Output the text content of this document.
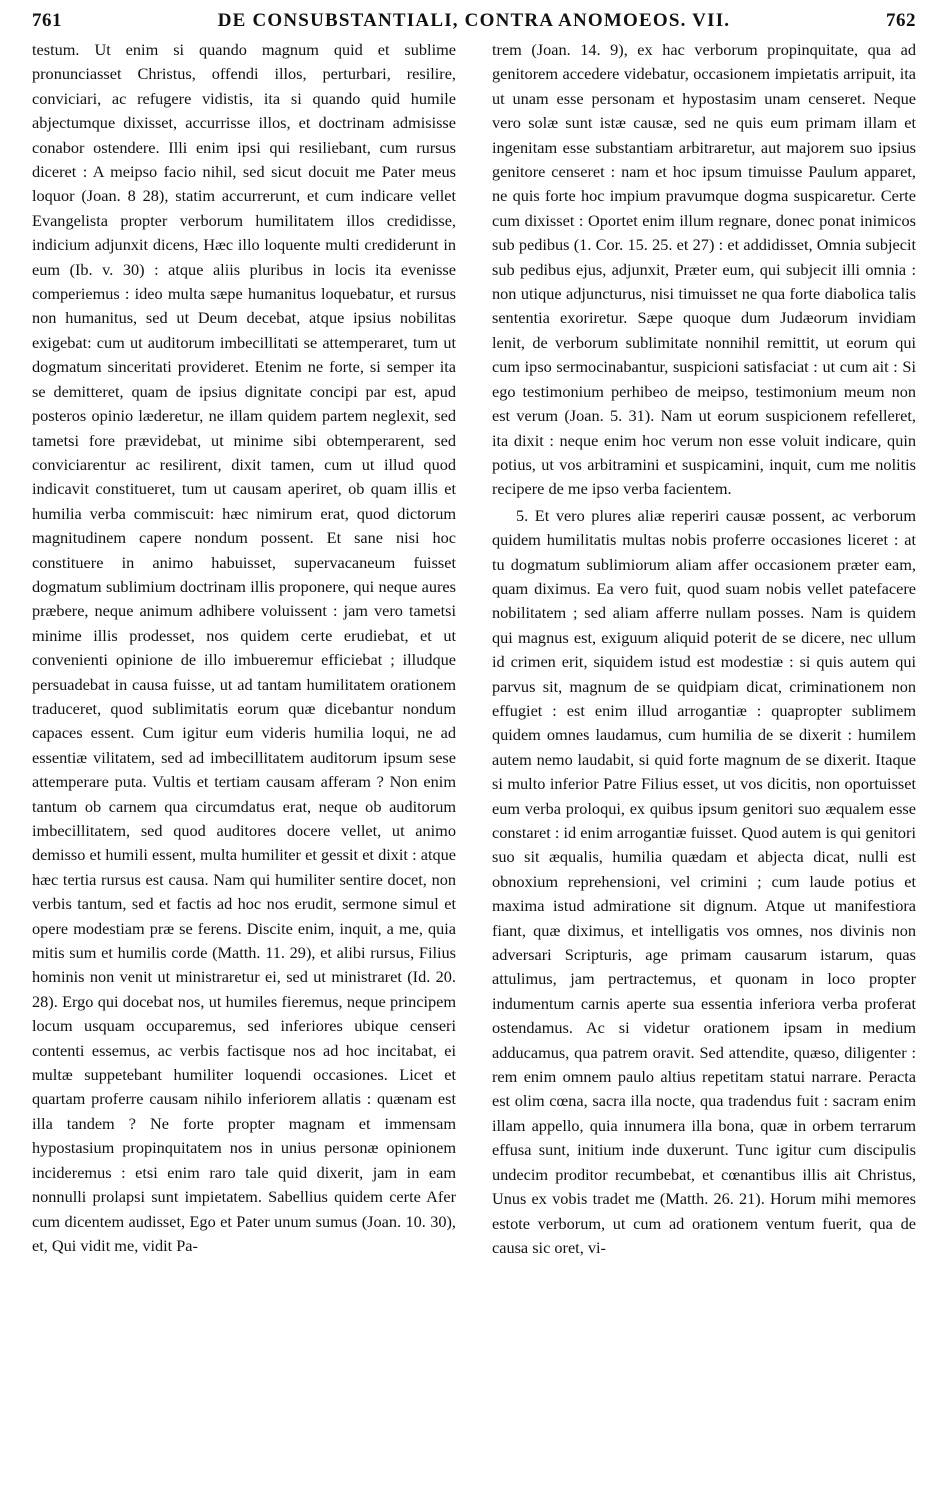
761	DE CONSUBSTANTIALI, CONTRA ANOMOEOS. VII.	762

testum. Ut enim si quando magnum quid et sublime pronunciasset Christus, offendi illos, perturbari, resilire, conviciari, ac refugere vidistis, ita si quando quid humile abjectumque dixisset, accurrisse illos, et doctrinam admisisse conabor ostendere. Illi enim ipsi qui resiliebant, cum rursus diceret : A meipso facio nihil, sed sicut docuit me Pater meus loquor (Joan. 8 28), statim accurrerunt, et cum indicare vellet Evangelista propter verborum humilitatem illos credidisse, indicium adjunxit dicens, Hæc illo loquente multi crediderunt in eum (Ib. v. 30) : atque aliis pluribus in locis ita evenisse comperiemus : ideo multa sæpe humanitus loquebatur, et rursus non humanitus, sed ut Deum decebat, atque ipsius nobilitas exigebat: cum ut auditorum imbecillitati se attemperaret, tum ut dogmatum sinceritati provideret. Etenim ne forte, si semper ita se demitteret, quam de ipsius dignitate concipi par est, apud posteros opinio læderetur, ne illam quidem partem neglexit, sed tametsi fore prævidebat, ut minime sibi obtemperarent, sed conviciarentur ac resilirent, dixit tamen, cum ut illud quod indicavit constitueret, tum ut causam aperiret, ob quam illis et humilia verba commiscuit: hæc nimirum erat, quod dictorum magnitudinem capere nondum possent. Et sane nisi hoc constituere in animo habuisset, supervacaneum fuisset dogmatum sublimium doctrinam illis proponere, qui neque aures præbere, neque animum adhibere voluissent : jam vero tametsi minime illis prodesset, nos quidem certe erudiebat, et ut convenienti opinione de illo imbueremur efficiebat ; illudque persuadebat in causa fuisse, ut ad tantam humilitatem orationem traduceret, quod sublimitatis eorum quæ dicebantur nondum capaces essent. Cum igitur eum videris humilia loqui, ne ad essentiæ vilitatem, sed ad imbecillitatem auditorum ipsum sese attemperare puta. Vultis et tertiam causam afferam ? Non enim tantum ob carnem qua circumdatus erat, neque ob auditorum imbecillitatem, sed quod auditores docere vellet, ut animo demisso et humili essent, multa humiliter et gessit et dixit : atque hæc tertia rursus est causa. Nam qui humiliter sentire docet, non verbis tantum, sed et factis ad hoc nos erudit, sermone simul et opere modestiam præ se ferens. Discite enim, inquit, a me, quia mitis sum et humilis corde (Matth. 11. 29), et alibi rursus, Filius hominis non venit ut ministraretur ei, sed ut ministraret (Id. 20. 28). Ergo qui docebat nos, ut humiles fieremus, neque principem locum usquam occuparemus, sed inferiores ubique censeri contenti essemus, ac verbis factisque nos ad hoc incitabat, ei multæ suppetebant humiliter loquendi occasiones. Licet et quartam proferre causam nihilo inferiorem allatis : quænam est illa tandem ? Ne forte propter magnam et immensam hypostasium propinquitatem nos in unius personæ opinionem incideremus : etsi enim raro tale quid dixerit, jam in eam nonnulli prolapsi sunt impietatem. Sabellius quidem certe Afer cum dicentem audisset, Ego et Pater unum sumus (Joan. 10. 30), et, Qui vidit me, vidit Pa-

trem (Joan. 14. 9), ex hac verborum propinquitate, qua ad genitorem accedere videbatur, occasionem impietatis arripuit, ita ut unam esse personam et hypostasim unam censeret. Neque vero solæ sunt istæ causæ, sed ne quis eum primam illam et ingenitam esse substantiam arbitraretur, aut majorem suo ipsius genitore censeret : nam et hoc ipsum timuisse Paulum apparet, ne quis forte hoc impium pravumque dogma suspicaretur. Certe cum dixisset : Oportet enim illum regnare, donec ponat inimicos sub pedibus (1. Cor. 15. 25. et 27) : et addidisset, Omnia subjecit sub pedibus ejus, adjunxit, Præter eum, qui subjecit illi omnia : non utique adjuncturus, nisi timuisset ne qua forte diabolica talis sententia exoriretur. Sæpe quoque dum Judæorum invidiam lenit, de verborum sublimitate nonnihil remittit, ut eorum qui cum ipso sermocinabantur, suspicioni satisfaciat : ut cum ait : Si ego testimonium perhibeo de meipso, testimonium meum non est verum (Joan. 5. 31). Nam ut eorum suspicionem refelleret, ita dixit : neque enim hoc verum non esse voluit indicare, quin potius, ut vos arbitramini et suspicamini, inquit, cum me nolitis recipere de me ipso verba facientem.

5. Et vero plures aliæ reperiri causæ possent, ac verborum quidem humilitatis multas nobis proferre occasiones liceret : at tu dogmatum sublimiorum aliam affer occasionem præter eam, quam diximus. Ea vero fuit, quod suam nobis vellet patefacere nobilitatem ; sed aliam afferre nullam posses. Nam is quidem qui magnus est, exiguum aliquid poterit de se dicere, nec ullum id crimen erit, siquidem istud est modestiæ : si quis autem qui parvus sit, magnum de se quidpiam dicat, criminationem non effugiet : est enim illud arrogantiæ : quapropter sublimem quidem omnes laudamus, cum humilia de se dixerit : humilem autem nemo laudabit, si quid forte magnum de se dixerit. Itaque si multo inferior Patre Filius esset, ut vos dicitis, non oportuisset eum verba proloqui, ex quibus ipsum genitori suo æqualem esse constaret : id enim arrogantiæ fuisset. Quod autem is qui genitori suo sit æqualis, humilia quædam et abjecta dicat, nulli est obnoxium reprehensioni, vel crimini ; cum laude potius et maxima istud admiratione sit dignum. Atque ut manifestiora fiant, quæ diximus, et intelligatis vos omnes, nos divinis non adversari Scripturis, age primam causarum istarum, quas attulimus, jam pertractemus, et quonam in loco propter indumentum carnis aperte sua essentia inferiora verba proferat ostendamus. Ac si videtur orationem ipsam in medium adducamus, qua patrem oravit. Sed attendite, quæso, diligenter : rem enim omnem paulo altius repetitam statui narrare. Peracta est olim cœna, sacra illa nocte, qua tradendus fuit : sacram enim illam appello, quia innumera illa bona, quæ in orbem terrarum effusa sunt, initium inde duxerunt. Tunc igitur cum discipulis undecim proditor recumbebat, et cœnantibus illis ait Christus, Unus ex vobis tradet me (Matth. 26. 21). Horum mihi memores estote verborum, ut cum ad orationem ventum fuerit, qua de causa sic oret, vi-
